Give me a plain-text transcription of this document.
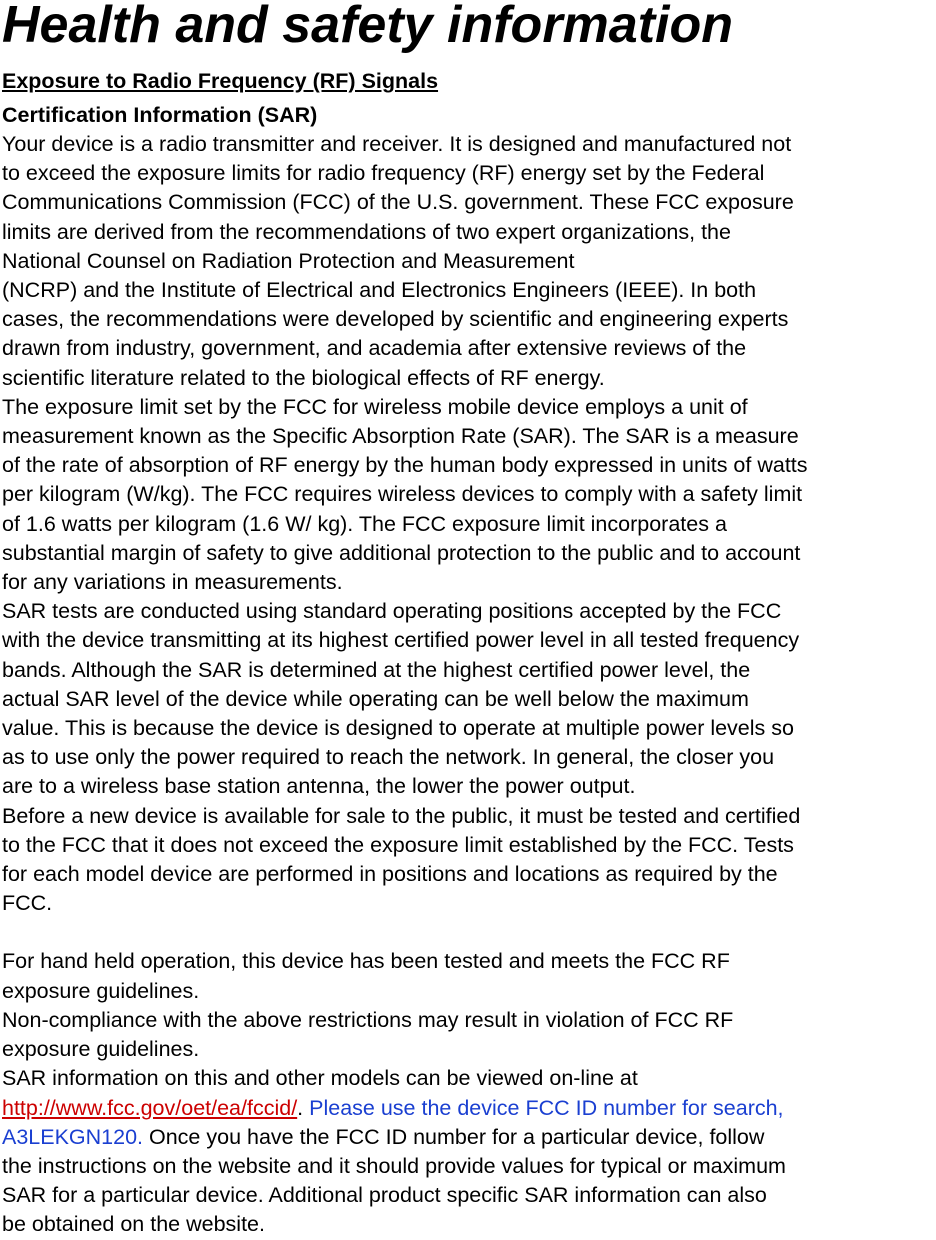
Health and safety information
Exposure to Radio Frequency (RF) Signals
Certification Information (SAR)
Your device is a radio transmitter and receiver. It is designed and manufactured not
to exceed the exposure limits for radio frequency (RF) energy set by the Federal
Communications Commission (FCC) of the U.S. government. These FCC exposure
limits are derived from the recommendations of two expert organizations, the
National Counsel on Radiation Protection and Measurement
(NCRP) and the Institute of Electrical and Electronics Engineers (IEEE). In both
cases, the recommendations were developed by scientific and engineering experts
drawn from industry, government, and academia after extensive reviews of the
scientific literature related to the biological effects of RF energy.
The exposure limit set by the FCC for wireless mobile device employs a unit of
measurement known as the Specific Absorption Rate (SAR). The SAR is a measure
of the rate of absorption of RF energy by the human body expressed in units of watts
per kilogram (W/kg). The FCC requires wireless devices to comply with a safety limit
of 1.6 watts per kilogram (1.6 W/ kg). The FCC exposure limit incorporates a
substantial margin of safety to give additional protection to the public and to account
for any variations in measurements.
SAR tests are conducted using standard operating positions accepted by the FCC
with the device transmitting at its highest certified power level in all tested frequency
bands. Although the SAR is determined at the highest certified power level, the
actual SAR level of the device while operating can be well below the maximum
value. This is because the device is designed to operate at multiple power levels so
as to use only the power required to reach the network. In general, the closer you
are to a wireless base station antenna, the lower the power output.
Before a new device is available for sale to the public, it must be tested and certified
to the FCC that it does not exceed the exposure limit established by the FCC. Tests
for each model device are performed in positions and locations as required by the
FCC.
For hand held operation, this device has been tested and meets the FCC RF
exposure guidelines.
Non-compliance with the above restrictions may result in violation of FCC RF
exposure guidelines.
SAR information on this and other models can be viewed on-line at
http://www.fcc.gov/oet/ea/fccid/. Please use the device FCC ID number for search,
A3LEKGN120. Once you have the FCC ID number for a particular device, follow
the instructions on the website and it should provide values for typical or maximum
SAR for a particular device. Additional product specific SAR information can also
be obtained on the website.
